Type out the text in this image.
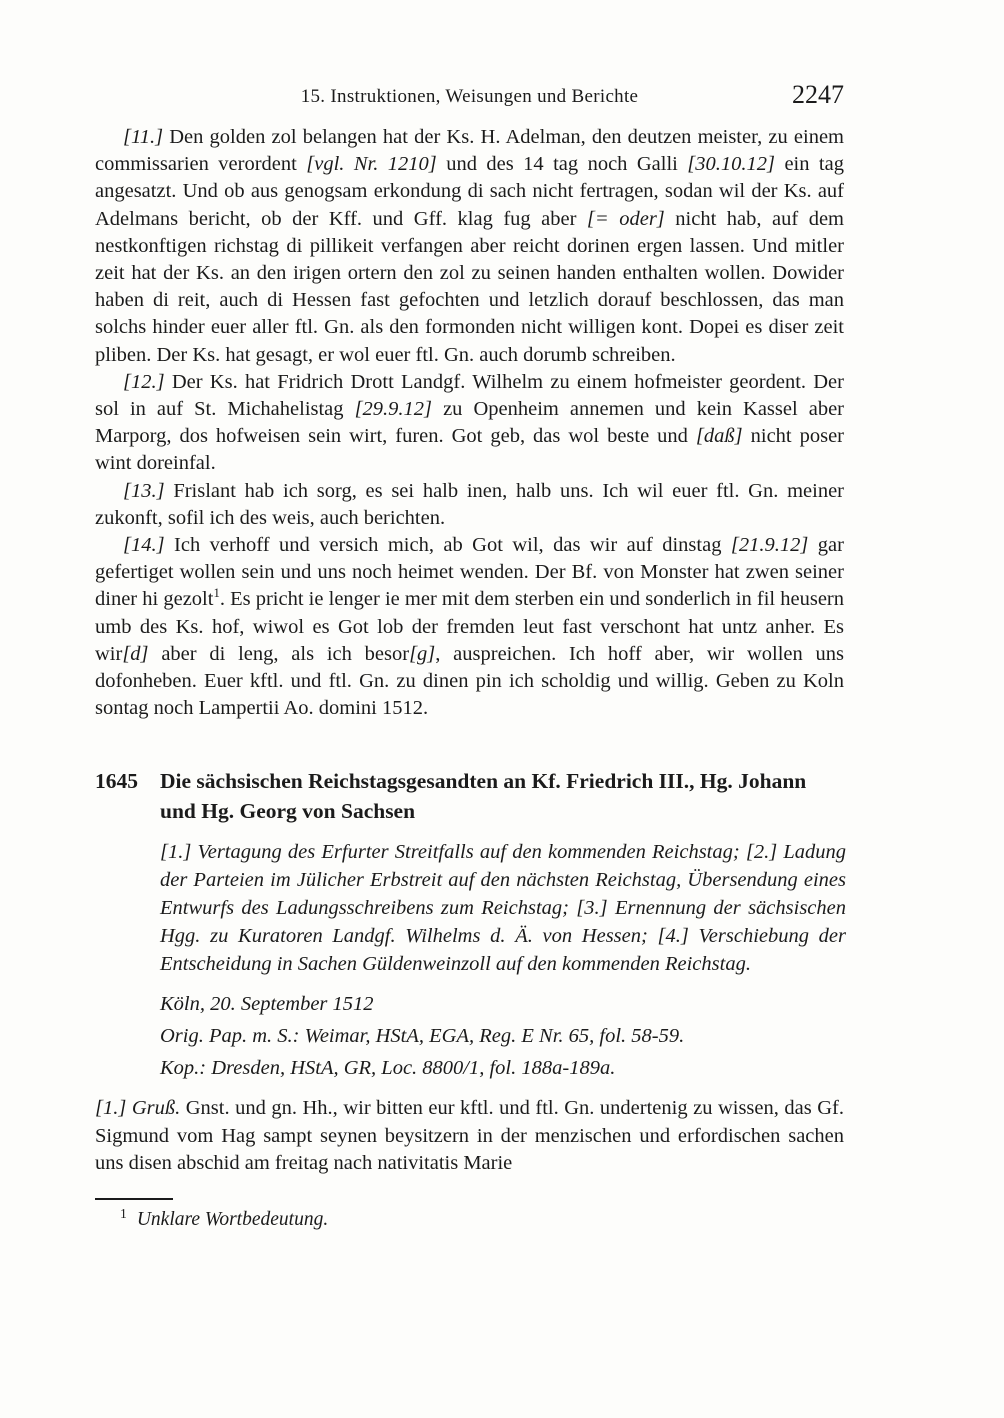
15. Instruktionen, Weisungen und Berichte	2247

[11.] Den golden zol belangen hat der Ks. H. Adelman, den deutzen meister, zu einem commissarien verordent [vgl. Nr. 1210] und des 14 tag noch Galli [30.10.12] ein tag angesatzt. Und ob aus genogsam erkondung di sach nicht fertragen, sodan wil der Ks. auf Adelmans bericht, ob der Kff. und Gff. klag fug aber [= oder] nicht hab, auf dem nestkonftigen richstag di pillikeit verfangen aber reicht dorinen ergen lassen. Und mitler zeit hat der Ks. an den irigen ortern den zol zu seinen handen enthalten wollen. Dowider haben di reit, auch di Hessen fast gefochten und letzlich dorauf beschlossen, das man solchs hinder euer aller ftl. Gn. als den formonden nicht willigen kont. Dopei es diser zeit pliben. Der Ks. hat gesagt, er wol euer ftl. Gn. auch dorumb schreiben.

[12.] Der Ks. hat Fridrich Drott Landgf. Wilhelm zu einem hofmeister geordent. Der sol in auf St. Michahelistag [29.9.12] zu Openheim annemen und kein Kassel aber Marporg, dos hofweisen sein wirt, furen. Got geb, das wol beste und [daß] nicht poser wint doreinfal.

[13.] Frislant hab ich sorg, es sei halb inen, halb uns. Ich wil euer ftl. Gn. meiner zukonft, sofil ich des weis, auch berichten.

[14.] Ich verhoff und versich mich, ab Got wil, das wir auf dinstag [21.9.12] gar gefertiget wollen sein und uns noch heimet wenden. Der Bf. von Monster hat zwen seiner diner hi gezolt$^1$. Es pricht ie lenger ie mer mit dem sterben ein und sonderlich in fil heusern umb des Ks. hof, wiwol es Got lob der fremden leut fast verschont hat untz anher. Es wir[d] aber di leng, als ich besor[g], auspreichen. Ich hoff aber, wir wollen uns dofonheben. Euer kftl. und ftl. Gn. zu dinen pin ich scholdig und willig. Geben zu Koln sontag noch Lampertii Ao. domini 1512.

1645	Die sächsischen Reichstagsgesandten an Kf. Friedrich III., Hg. Johann und Hg. Georg von Sachsen

[1.] Vertagung des Erfurter Streitfalls auf den kommenden Reichstag; [2.] Ladung der Parteien im Jülicher Erbstreit auf den nächsten Reichstag, Übersendung eines Entwurfs des Ladungsschreibens zum Reichstag; [3.] Ernennung der sächsischen Hgg. zu Kuratoren Landgf. Wilhelms d. Ä. von Hessen; [4.] Verschiebung der Entscheidung in Sachen Güldenweinzoll auf den kommenden Reichstag.

Köln, 20. September 1512

Orig. Pap. m. S.: Weimar, HStA, EGA, Reg. E Nr. 65, fol. 58-59.

Kop.: Dresden, HStA, GR, Loc. 8800/1, fol. 188a-189a.

[1.] Gruß. Gnst. und gn. Hh., wir bitten eur kftl. und ftl. Gn. undertenig zu wissen, das Gf. Sigmund vom Hag sampt seynen beysitzern in der menzischen und erfordischen sachen uns disen abschid am freitag nach nativitatis Marie

$^1$ Unklare Wortbedeutung.
